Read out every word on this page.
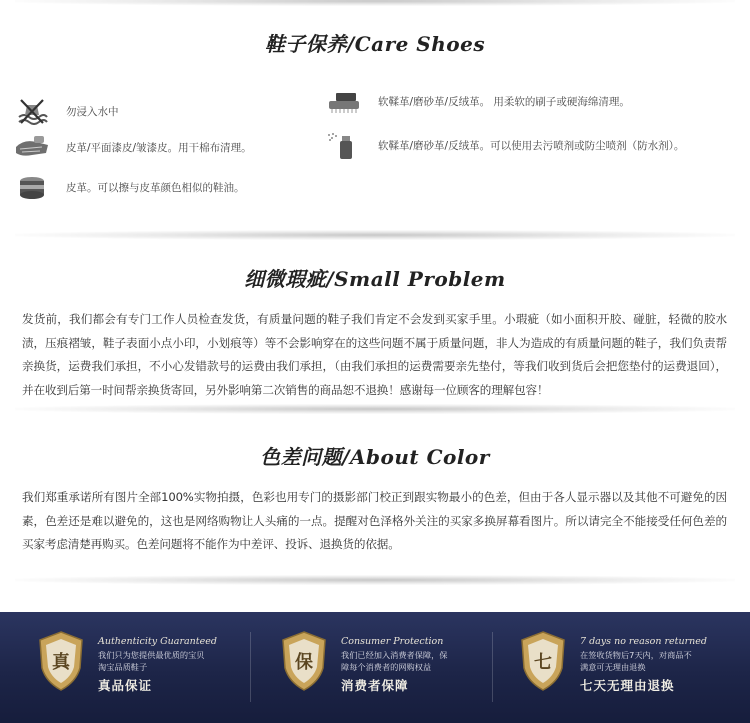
鞋子保养/Care Shoes
勿浸入水中
软鞣革/磨砂革/反绒革。 用柔软的刷子或硬海绵清理。
皮革/平面漆皮/皱漆皮。用干棉布清理。	软鞣革/磨砂革/反绒革。可以使用去污喷剂或防尘喷剂（防水剂）。
皮革。可以擦与皮革颜色相似的鞋油。
细微瑕疵/Small Problem

发货前，我们都会有专门工作人员检查发货，有质量问题的鞋子我们肯定不会发到买家手里。小瑕疵（如小面积开胶、碰脏，轻微的胶水渍，压痕褶皱，鞋子表面小点小印，小划痕等）等不会影响穿在的这些问题不属于质量问题，非人为造成的有质量问题的鞋子，我们负责帮亲换货，运费我们承担，不小心发错款号的运费由我们承担，（由我们承担的运费需要亲先垫付，等我们收到货后会把您垫付的运费退回），并在收到后第一时间帮亲换货寄回，另外影响第二次销售的商品恕不退换！感谢每一位顾客的理解包容！

色差问题/About Color

我们郑重承诺所有图片全部100%实物拍摄，色彩也用专门的摄影部门校正到跟实物最小的色差，但由于各人显示器以及其他不可避免的因素，色差还是难以避免的，这也是网络购物让人头痛的一点。提醒对色泽格外关注的买家多换屏幕看图片。所以请完全不能接受任何色差的买家考虑清楚再购买。色差问题将不能作为中差评、投诉、退换货的依据。

真
Authenticity Guaranteed
我们只为您提供最优质的宝贝
淘宝品质鞋子
真品保证
保
Consumer Protection
我们已经加入消费者保障，保
障每个消费者的网购权益
消费者保障
七
7 days no reason returned
在签收货物后7天内，对商品不
满意可无理由退换
七天无理由退换
